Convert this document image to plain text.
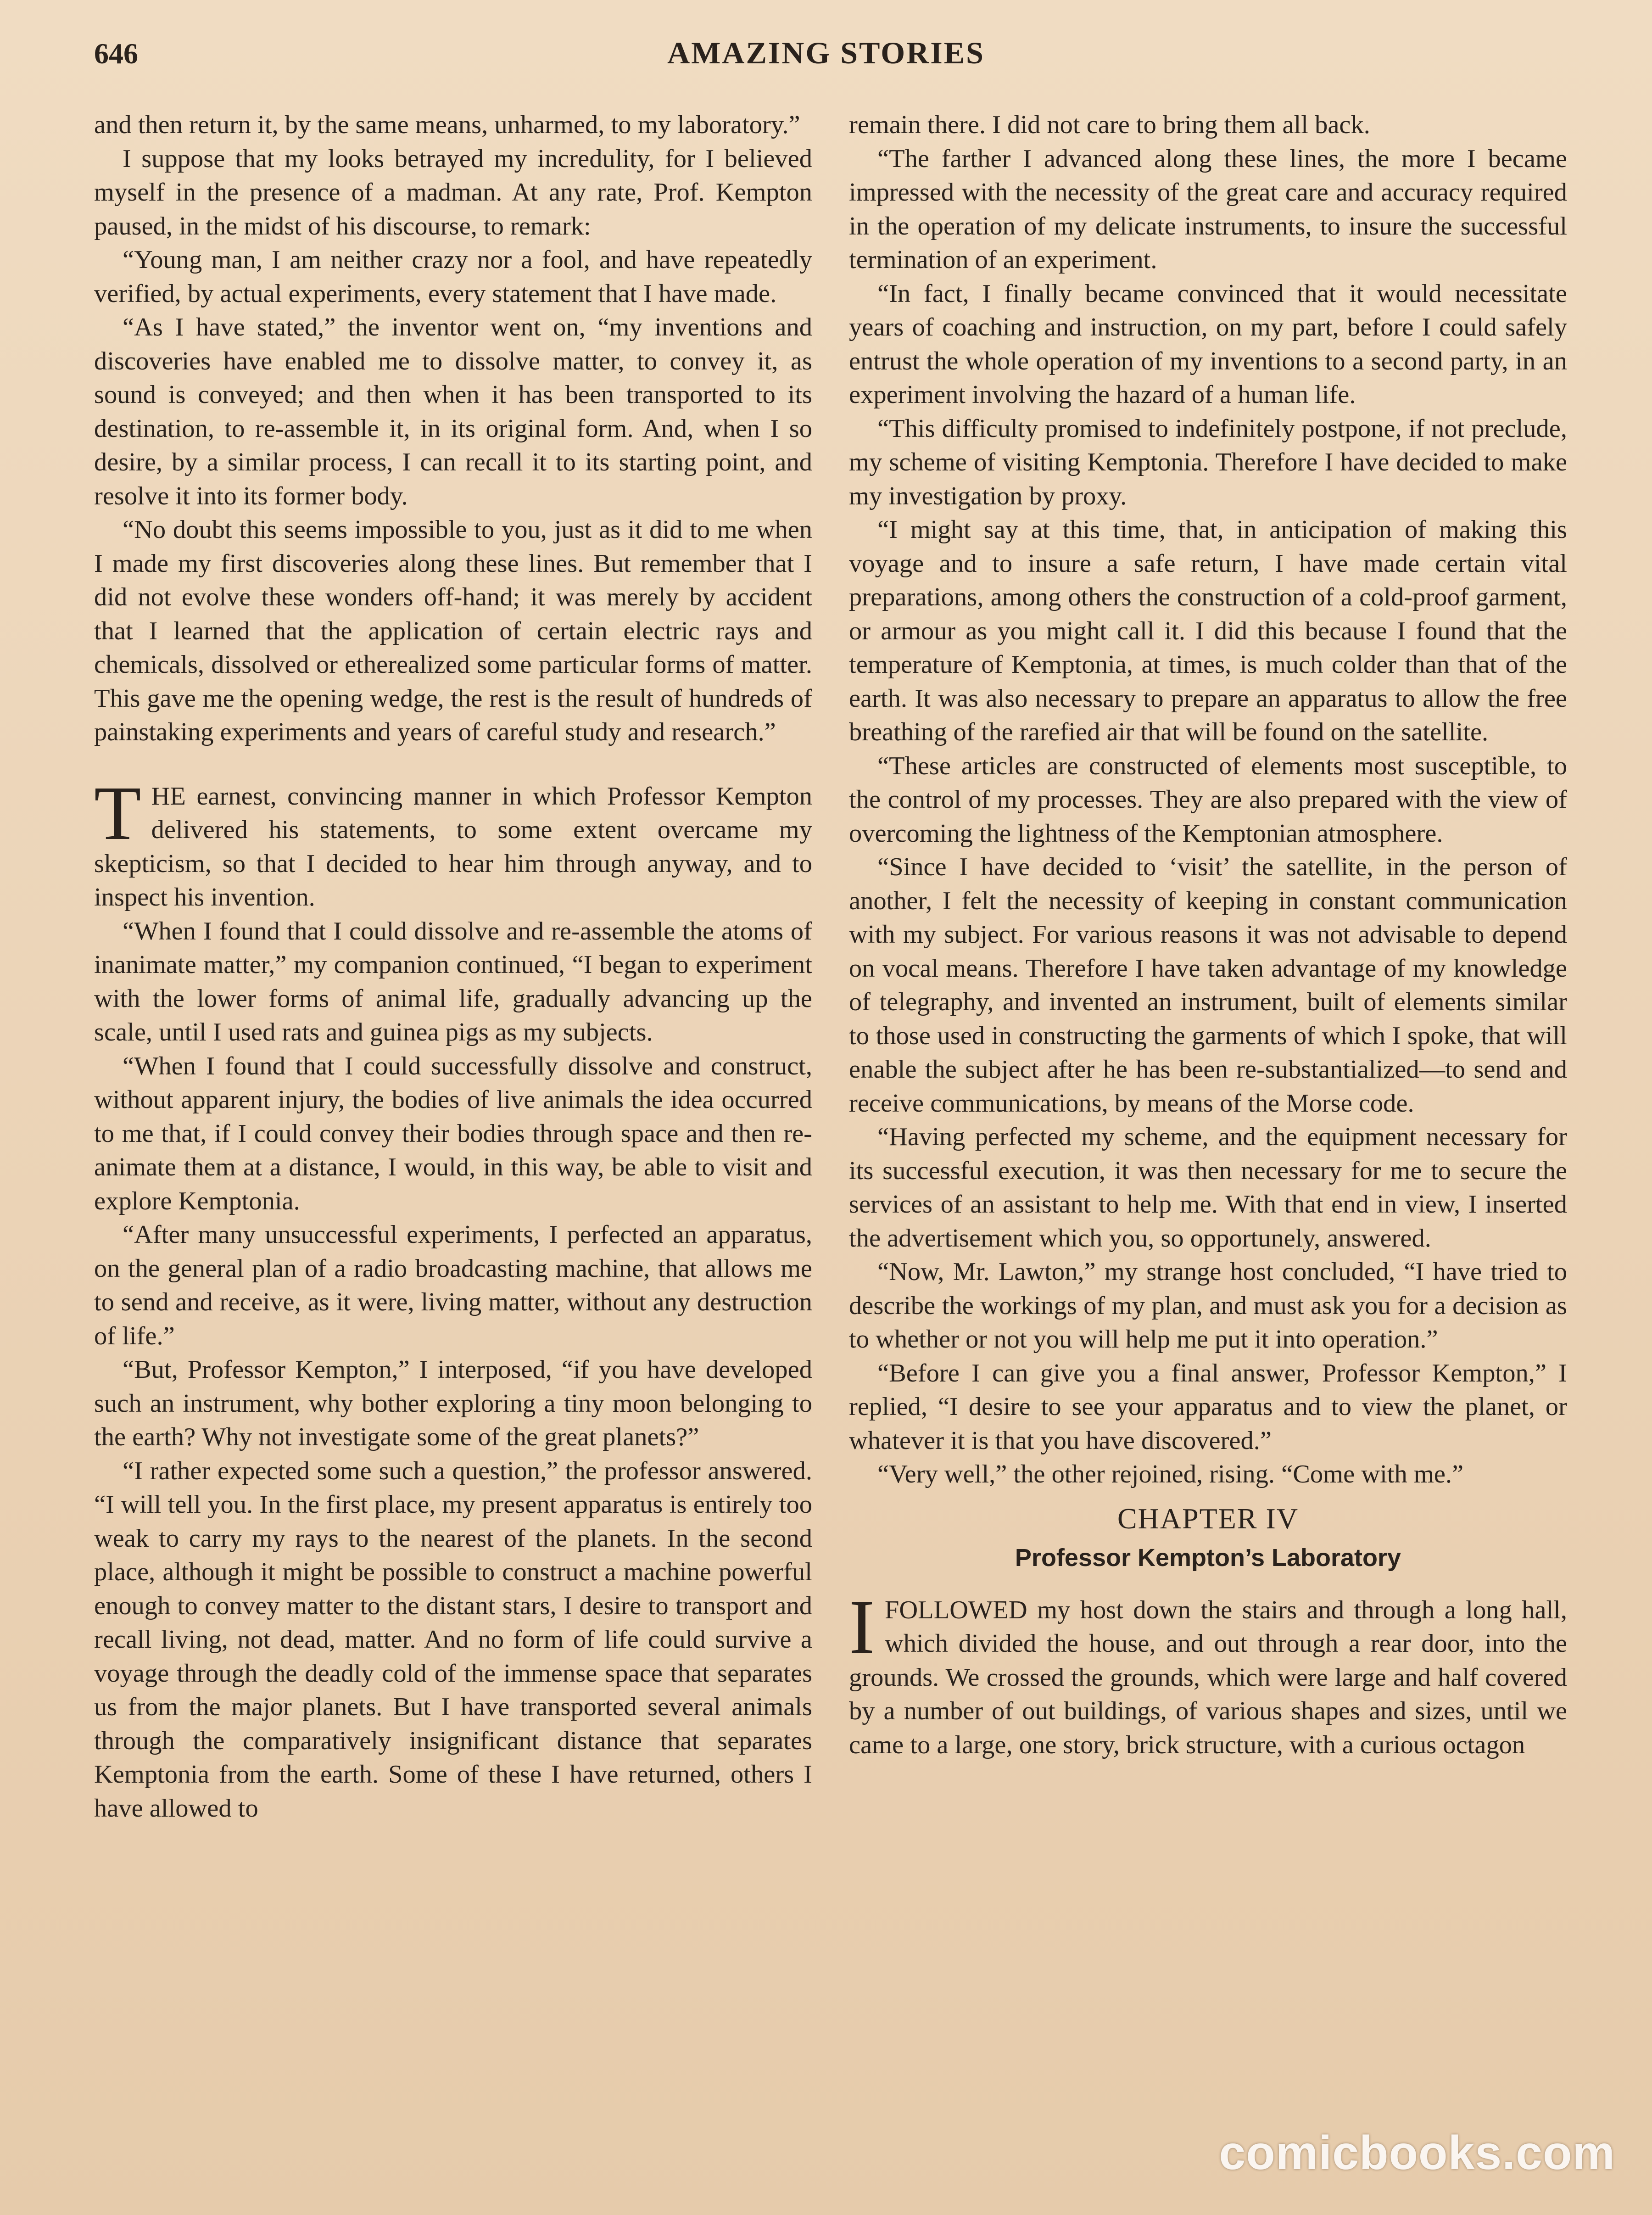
646	AMAZING STORIES

and then return it, by the same means, unharmed, to my laboratory.”

I suppose that my looks betrayed my incredulity, for I believed myself in the presence of a madman. At any rate, Prof. Kempton paused, in the midst of his discourse, to remark:

“Young man, I am neither crazy nor a fool, and have repeatedly verified, by actual experiments, every statement that I have made.

“As I have stated,” the inventor went on, “my inventions and discoveries have enabled me to dissolve matter, to convey it, as sound is conveyed; and then when it has been transported to its destination, to re-assemble it, in its original form. And, when I so desire, by a similar process, I can recall it to its starting point, and resolve it into its former body.

“No doubt this seems impossible to you, just as it did to me when I made my first discoveries along these lines. But remember that I did not evolve these wonders off-hand; it was merely by accident that I learned that the application of certain electric rays and chemicals, dissolved or etherealized some particular forms of matter. This gave me the opening wedge, the rest is the result of hundreds of painstaking experiments and years of careful study and research.”

THE earnest, convincing manner in which Professor Kempton delivered his statements, to some extent overcame my skepticism, so that I decided to hear him through anyway, and to inspect his invention.

“When I found that I could dissolve and re-assemble the atoms of inanimate matter,” my companion continued, “I began to experiment with the lower forms of animal life, gradually advancing up the scale, until I used rats and guinea pigs as my subjects.

“When I found that I could successfully dissolve and construct, without apparent injury, the bodies of live animals the idea occurred to me that, if I could convey their bodies through space and then re-animate them at a distance, I would, in this way, be able to visit and explore Kemptonia.

“After many unsuccessful experiments, I perfected an apparatus, on the general plan of a radio broadcasting machine, that allows me to send and receive, as it were, living matter, without any destruction of life.”

“But, Professor Kempton,” I interposed, “if you have developed such an instrument, why bother exploring a tiny moon belonging to the earth? Why not investigate some of the great planets?”

“I rather expected some such a question,” the professor answered. “I will tell you. In the first place, my present apparatus is entirely too weak to carry my rays to the nearest of the planets. In the second place, although it might be possible to construct a machine powerful enough to convey matter to the distant stars, I desire to transport and recall living, not dead, matter. And no form of life could survive a voyage through the deadly cold of the immense space that separates us from the major planets. But I have transported several animals through the comparatively insignificant distance that separates Kemptonia from the earth. Some of these I have returned, others I have allowed to

remain there. I did not care to bring them all back.

“The farther I advanced along these lines, the more I became impressed with the necessity of the great care and accuracy required in the operation of my delicate instruments, to insure the successful termination of an experiment.

“In fact, I finally became convinced that it would necessitate years of coaching and instruction, on my part, before I could safely entrust the whole operation of my inventions to a second party, in an experiment involving the hazard of a human life.

“This difficulty promised to indefinitely postpone, if not preclude, my scheme of visiting Kemptonia. Therefore I have decided to make my investigation by proxy.

“I might say at this time, that, in anticipation of making this voyage and to insure a safe return, I have made certain vital preparations, among others the construction of a cold-proof garment, or armour as you might call it. I did this because I found that the temperature of Kemptonia, at times, is much colder than that of the earth. It was also necessary to prepare an apparatus to allow the free breathing of the rarefied air that will be found on the satellite.

“These articles are constructed of elements most susceptible, to the control of my processes. They are also prepared with the view of overcoming the lightness of the Kemptonian atmosphere.

“Since I have decided to ‘visit’ the satellite, in the person of another, I felt the necessity of keeping in constant communication with my subject. For various reasons it was not advisable to depend on vocal means. Therefore I have taken advantage of my knowledge of telegraphy, and invented an instrument, built of elements similar to those used in constructing the garments of which I spoke, that will enable the subject after he has been re-substantialized—to send and receive communications, by means of the Morse code.

“Having perfected my scheme, and the equipment necessary for its successful execution, it was then necessary for me to secure the services of an assistant to help me. With that end in view, I inserted the advertisement which you, so opportunely, answered.

“Now, Mr. Lawton,” my strange host concluded, “I have tried to describe the workings of my plan, and must ask you for a decision as to whether or not you will help me put it into operation.”

“Before I can give you a final answer, Professor Kempton,” I replied, “I desire to see your apparatus and to view the planet, or whatever it is that you have discovered.”

“Very well,” the other rejoined, rising. “Come with me.”

CHAPTER IV
Professor Kempton’s Laboratory

IFOLLOWED my host down the stairs and through a long hall, which divided the house, and out through a rear door, into the grounds. We crossed the grounds, which were large and half covered by a number of out buildings, of various shapes and sizes, until we came to a large, one story, brick structure, with a curious octagon

comicbooks.com
